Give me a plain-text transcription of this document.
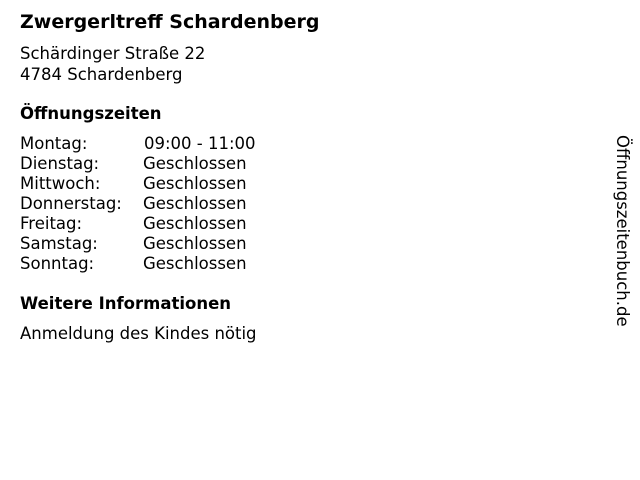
Zwergerltreff Schardenberg
Schärdinger Straße 22
4784 Schardenberg
Öffnungszeiten
Montag:	09:00 - 11:00
Dienstag:	Geschlossen
Mittwoch:	Geschlossen
Donnerstag: Geschlossen
Freitag:	Geschlossen
Samstag:	Geschlossen
Sonntag:	Geschlossen
Weitere Informationen
Anmeldung des Kindes nötig
Öffnungszeitenbuch.de
